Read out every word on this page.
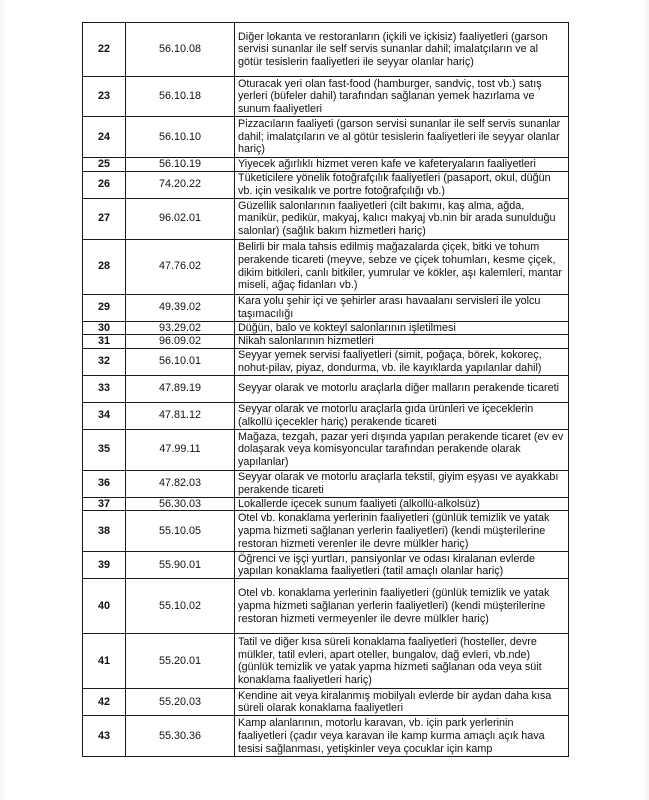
22	56.10.08	Diğer lokanta ve restoranların (içkili ve içkisiz) faaliyetleri (garson servisi sunanlar ile self servis sunanlar dahil; imalatçıların ve al götür tesislerin faaliyetleri ile seyyar olanlar hariç)
23	56.10.18	Oturacak yeri olan fast-food (hamburger, sandviç, tost vb.) satış yerleri (büfeler dahil) tarafından sağlanan yemek hazırlama ve sunum faaliyetleri
24	56.10.10	Pizzacıların faaliyeti (garson servisi sunanlar ile self servis sunanlar dahil; imalatçıların ve al götür tesislerin faaliyetleri ile seyyar olanlar hariç)
25	56.10.19	Yiyecek ağırlıklı hizmet veren kafe ve kafeteryaların faaliyetleri
26	74.20.22	Tüketicilere yönelik fotoğrafçılık faaliyetleri (pasaport, okul, düğün vb. için vesikalık ve portre fotoğrafçılığı vb.)
27	96.02.01	Güzellik salonlarının faaliyetleri (cilt bakımı, kaş alma, ağda, manikür, pedikür, makyaj, kalıcı makyaj vb.nin bir arada sunulduğu salonlar) (sağlık bakım hizmetleri hariç)
28	47.76.02	Belirli bir mala tahsis edilmiş mağazalarda çiçek, bitki ve tohum perakende ticareti (meyve, sebze ve çiçek tohumları, kesme çiçek, dikim bitkileri, canlı bitkiler, yumrular ve kökler, aşı kalemleri, mantar miseli, ağaç fidanları vb.)
29	49.39.02	Kara yolu şehir içi ve şehirler arası havaalanı servisleri ile yolcu taşımacılığı
30	93.29.02	Düğün, balo ve kokteyl salonlarının işletilmesi
31	96.09.02	Nikah salonlarının hizmetleri
32	56.10.01	Seyyar yemek servisi faaliyetleri (simit, poğaça, börek, kokoreç, nohut-pilav, piyaz, dondurma, vb. ile kayıklarda yapılanlar dahil)
33	47.89.19	Seyyar olarak ve motorlu araçlarla diğer malların perakende ticareti
34	47.81.12	Seyyar olarak ve motorlu araçlarla gıda ürünleri ve içeceklerin (alkollü içecekler hariç) perakende ticareti
35	47.99.11	Mağaza, tezgah, pazar yeri dışında yapılan perakende ticaret (ev ev dolaşarak veya komisyoncular tarafından perakende olarak yapılanlar)
36	47.82.03	Seyyar olarak ve motorlu araçlarla tekstil, giyim eşyası ve ayakkabı perakende ticareti
37	56.30.03	Lokallerde içecek sunum faaliyeti (alkollü-alkolsüz)
38	55.10.05	Otel vb. konaklama yerlerinin faaliyetleri (günlük temizlik ve yatak yapma hizmeti sağlanan yerlerin faaliyetleri) (kendi müşterilerine restoran hizmeti verenler ile devre mülkler hariç)
39	55.90.01	Öğrenci ve işçi yurtları, pansiyonlar ve odası kiralanan evlerde yapılan konaklama faaliyetleri (tatil amaçlı olanlar hariç)
40	55.10.02	Otel vb. konaklama yerlerinin faaliyetleri (günlük temizlik ve yatak yapma hizmeti sağlanan yerlerin faaliyetleri) (kendi müşterilerine restoran hizmeti vermeyenler ile devre mülkler hariç)
41	55.20.01	Tatil ve diğer kısa süreli konaklama faaliyetleri (hosteller, devre mülkler, tatil evleri, apart oteller, bungalov, dağ evleri, vb.nde) (günlük temizlik ve yatak yapma hizmeti sağlanan oda veya süit konaklama faaliyetleri hariç)
42	55.20.03	Kendine ait veya kiralanmış mobilyalı evlerde bir aydan daha kısa süreli olarak konaklama faaliyetleri
43	55.30.36	Kamp alanlarının, motorlu karavan, vb. için park yerlerinin faaliyetleri (çadır veya karavan ile kamp kurma amaçlı açık hava tesisi sağlanması, yetişkinler veya çocuklar için kamp
